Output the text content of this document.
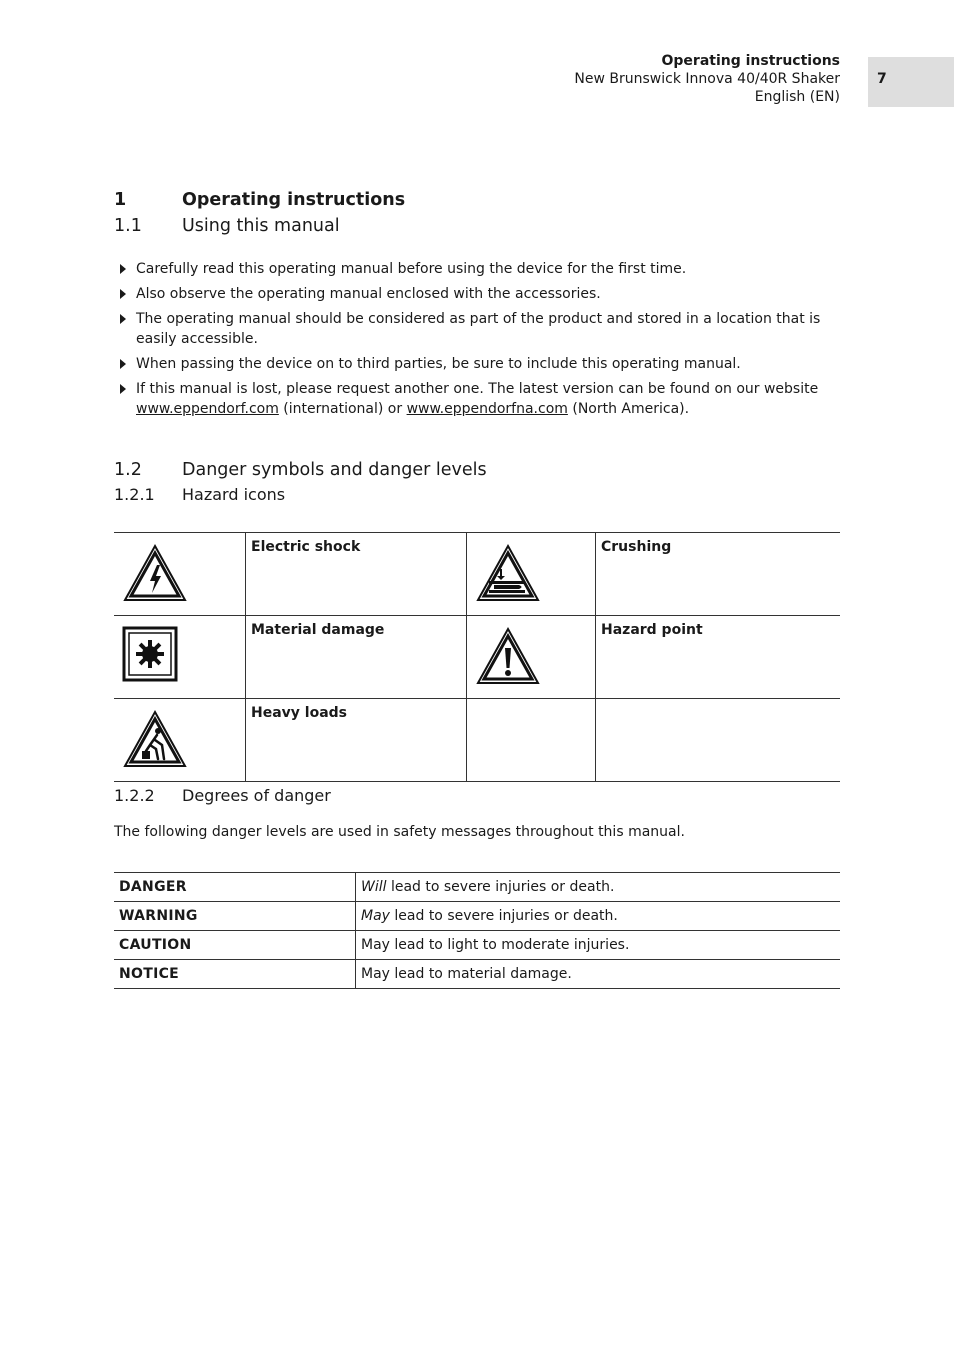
Operating instructions
New Brunswick Innova 40/40R Shaker
English (EN)
7
1	Operating instructions
1.1 Using this manual
Carefully read this operating manual before using the device for the first time.
Also observe the operating manual enclosed with the accessories.
The operating manual should be considered as part of the product and stored in a location that is easily accessible.
When passing the device on to third parties, be sure to include this operating manual.
If this manual is lost, please request another one. The latest version can be found on our website www.eppendorf.com (international) or www.eppendorfna.com (North America).
1.2 Danger symbols and danger levels
1.2.1 Hazard icons
	Electric shock		Crushing

	Material damage		Hazard point

	Heavy loads		
1.2.2 Degrees of danger
The following danger levels are used in safety messages throughout this manual.
DANGER	Will lead to severe injuries or death.
WARNING	May lead to severe injuries or death.
CAUTION	May lead to light to moderate injuries.
NOTICE	May lead to material damage.
